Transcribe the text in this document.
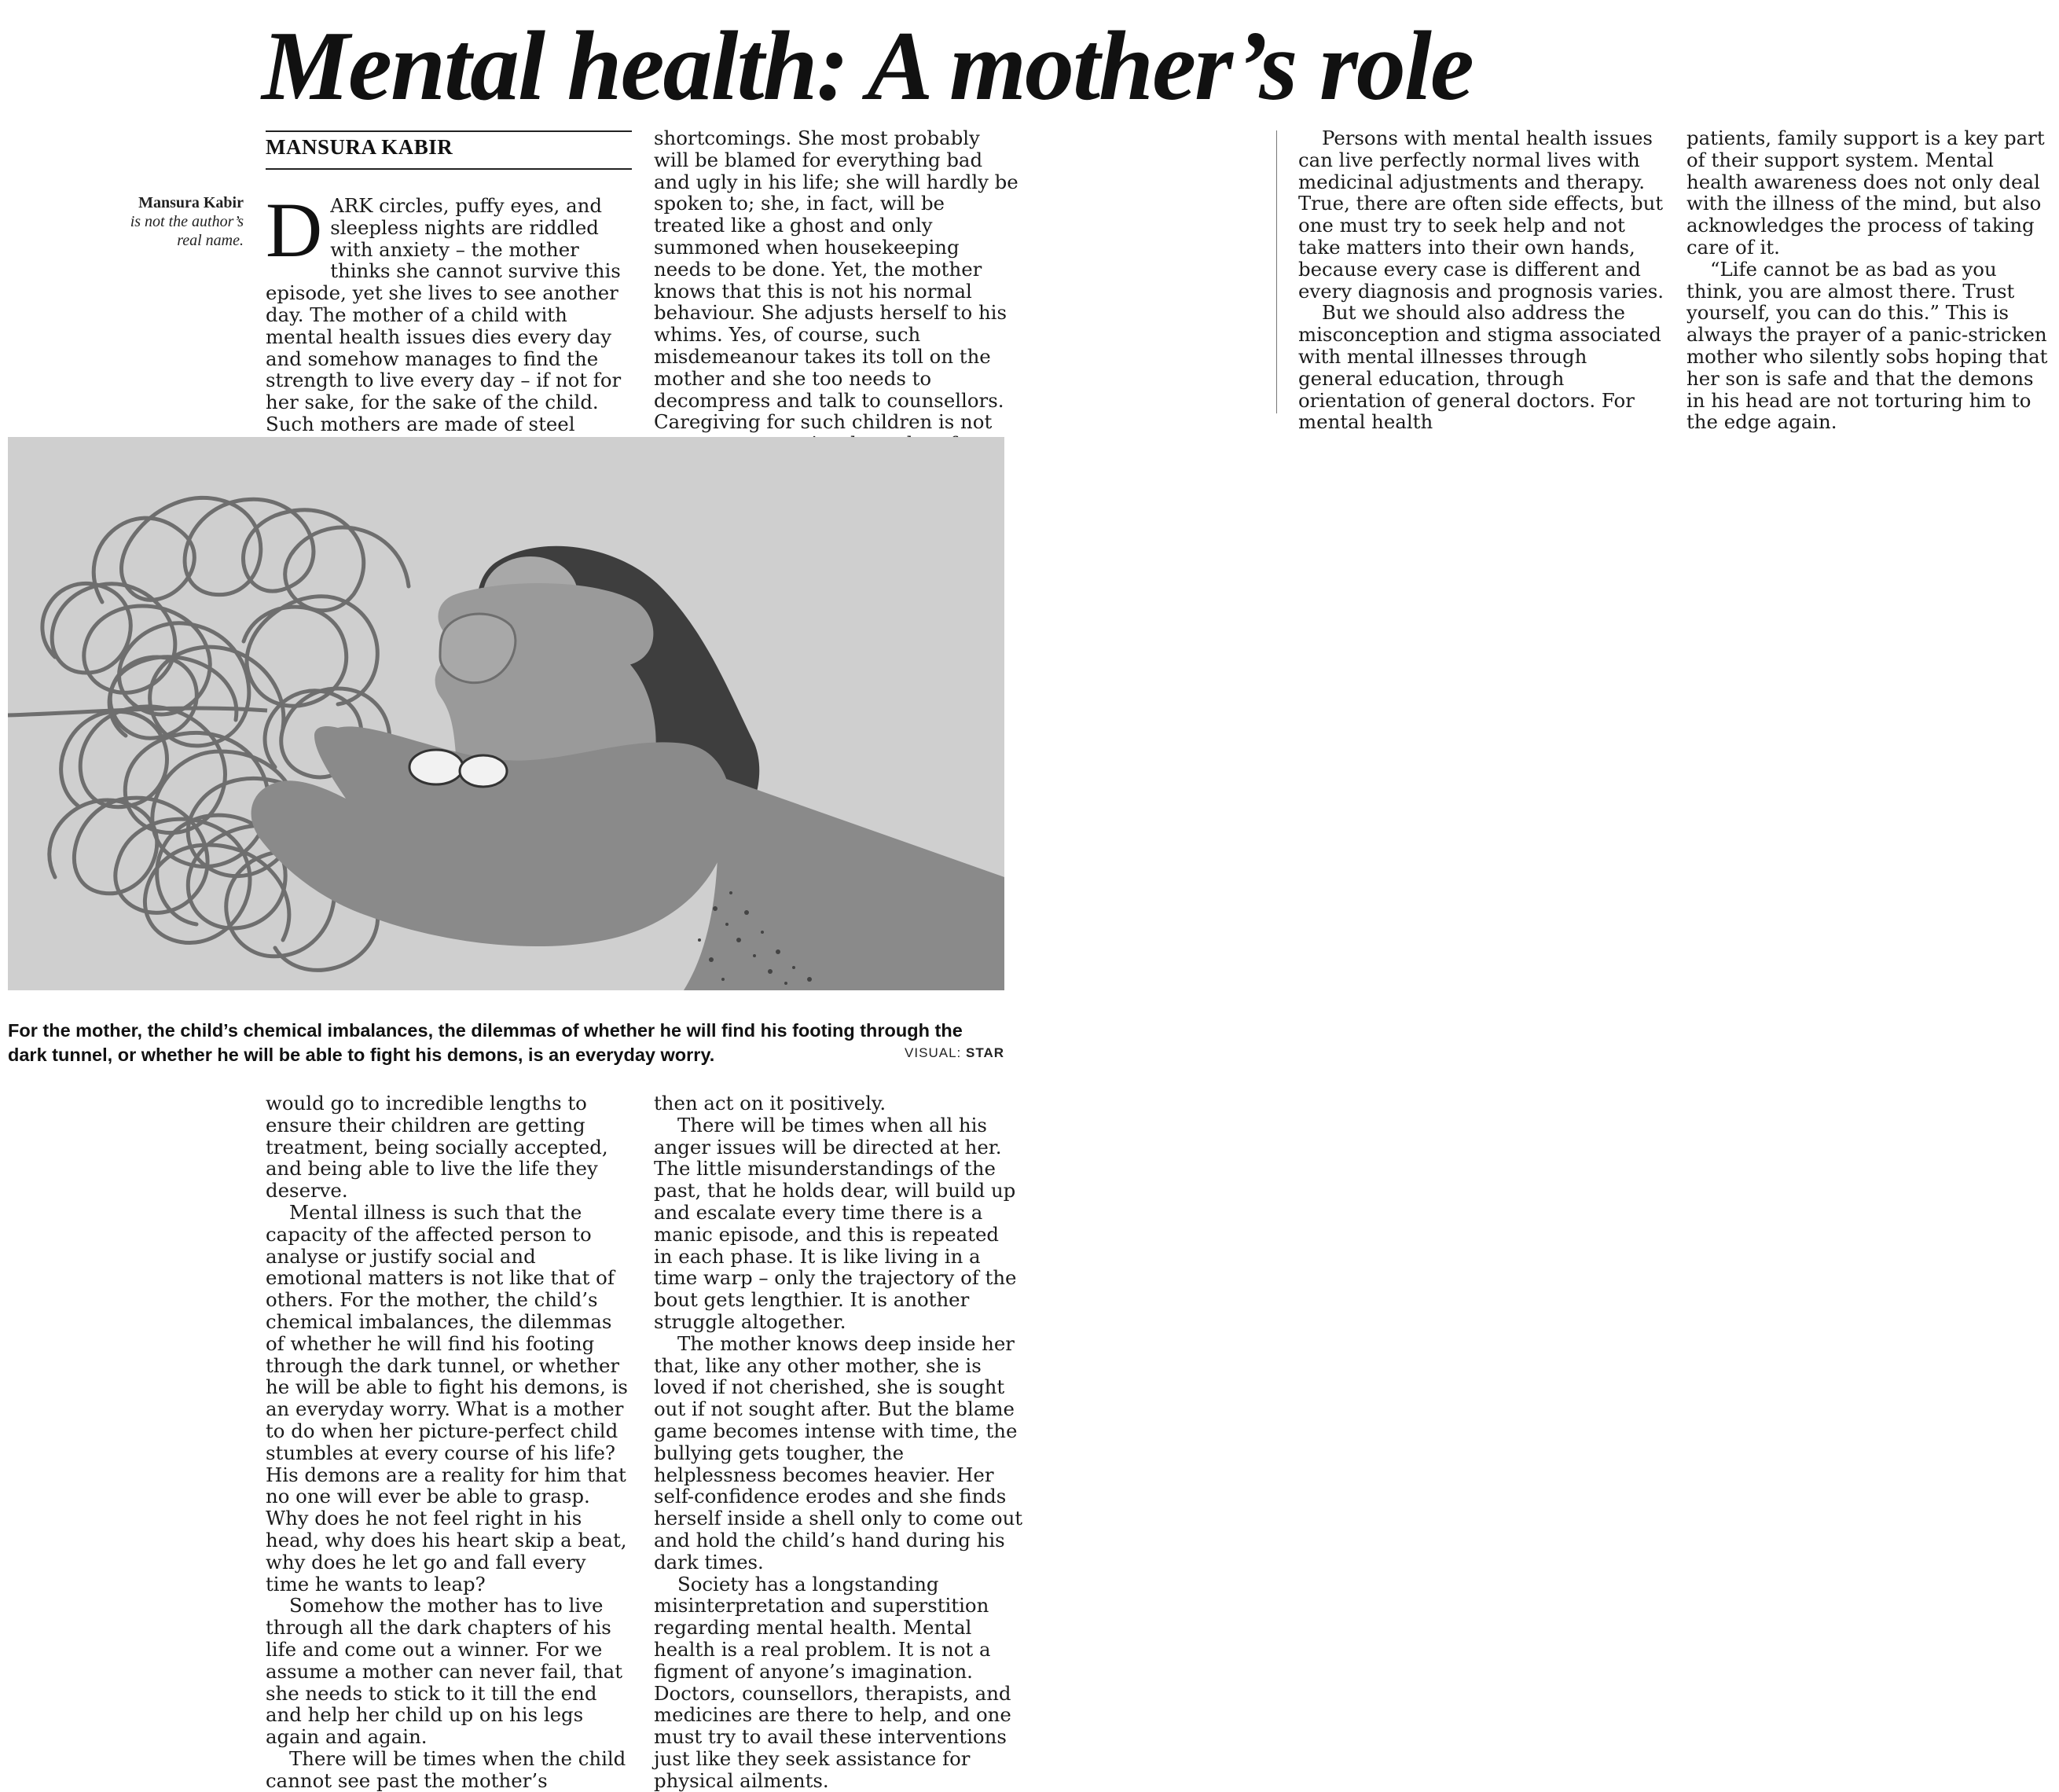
Mental health: A mother’s role
MANSURA KABIR
Mansura Kabir
is not the author’s real name. DARK circles, puffy eyes, and sleepless nights are riddled with anxiety – the mother thinks she cannot survive this episode, yet she lives to see another day. The mother of a child with mental health issues dies every day and somehow manages to find the strength to live every day – if not for her sake, for the sake of the child. Such mothers are made of steel

shortcomings. She most probably will be blamed for everything bad and ugly in his life; she will hardly be spoken to; she, in fact, will be treated like a ghost and only summoned when housekeeping needs to be done. Yet, the mother knows that this is not his normal behaviour. She adjusts herself to his whims. Yes, of course, such misdemeanour takes its toll on the mother and she too needs to decompress and talk to counsellors. Caregiving for such children is not

Persons with mental health issues can live perfectly normal lives with medicinal adjustments and therapy. True, there are often side effects, but one must try to seek help and not take matters into their own hands, because every case is different and every diagnosis and prognosis varies.

But we should also address the misconception and stigma associated with mental illnesses through general education, through orientation of general doctors. For mental health

patients, family support is a key part of their support system. Mental health awareness does not only deal with the illness of the mind, but also acknowledges the process of taking care of it.

“Life cannot be as bad as you think, you are almost there. Trust yourself, you can do this.” This is always the prayer of a panic-stricken mother who silently sobs hoping that her son is safe and that the demons in his head are not torturing him to the edge again.

For the mother, the child’s chemical imbalances, the dilemmas of whether he will find his footing through the dark tunnel, or whether he will be able to fight his demons, is an everyday worry.	VISUAL: STAR

would go to incredible lengths to ensure their children are getting treatment, being socially accepted, and being able to live the life they deserve.

Mental illness is such that the capacity of the affected person to analyse or justify social and emotional matters is not like that of others. For the mother, the child’s chemical imbalances, the dilemmas of whether he will find his footing through the dark tunnel, or whether he will be able to fight his demons, is an everyday worry. What is a mother to do when her picture-perfect child stumbles at every course of his life? His demons are a reality for him that no one will ever be able to grasp. Why does he not feel right in his head, why does his heart skip a beat, why does he let go and fall every time he wants to leap?

Somehow the mother has to live through all the dark chapters of his life and come out a winner. For we assume a mother can never fail, that she needs to stick to it till the end and help her child up on his legs again and again.

There will be times when the child cannot see past the mother’s

then act on it positively.

There will be times when all his anger issues will be directed at her. The little misunderstandings of the past, that he holds dear, will build up and escalate every time there is a manic episode, and this is repeated in each phase. It is like living in a time warp – only the trajectory of the bout gets lengthier. It is another struggle altogether.

The mother knows deep inside her that, like any other mother, she is loved if not cherished, she is sought out if not sought after. But the blame game becomes intense with time, the bullying gets tougher, the helplessness becomes heavier. Her self-confidence erodes and she finds herself inside a shell only to come out and hold the child’s hand during his dark times.

Society has a longstanding misinterpretation and superstition regarding mental health. Mental health is a real problem. It is not a figment of anyone’s imagination. Doctors, counsellors, therapists, and medicines are there to help, and one must try to avail these interventions just like they seek assistance for physical ailments.
